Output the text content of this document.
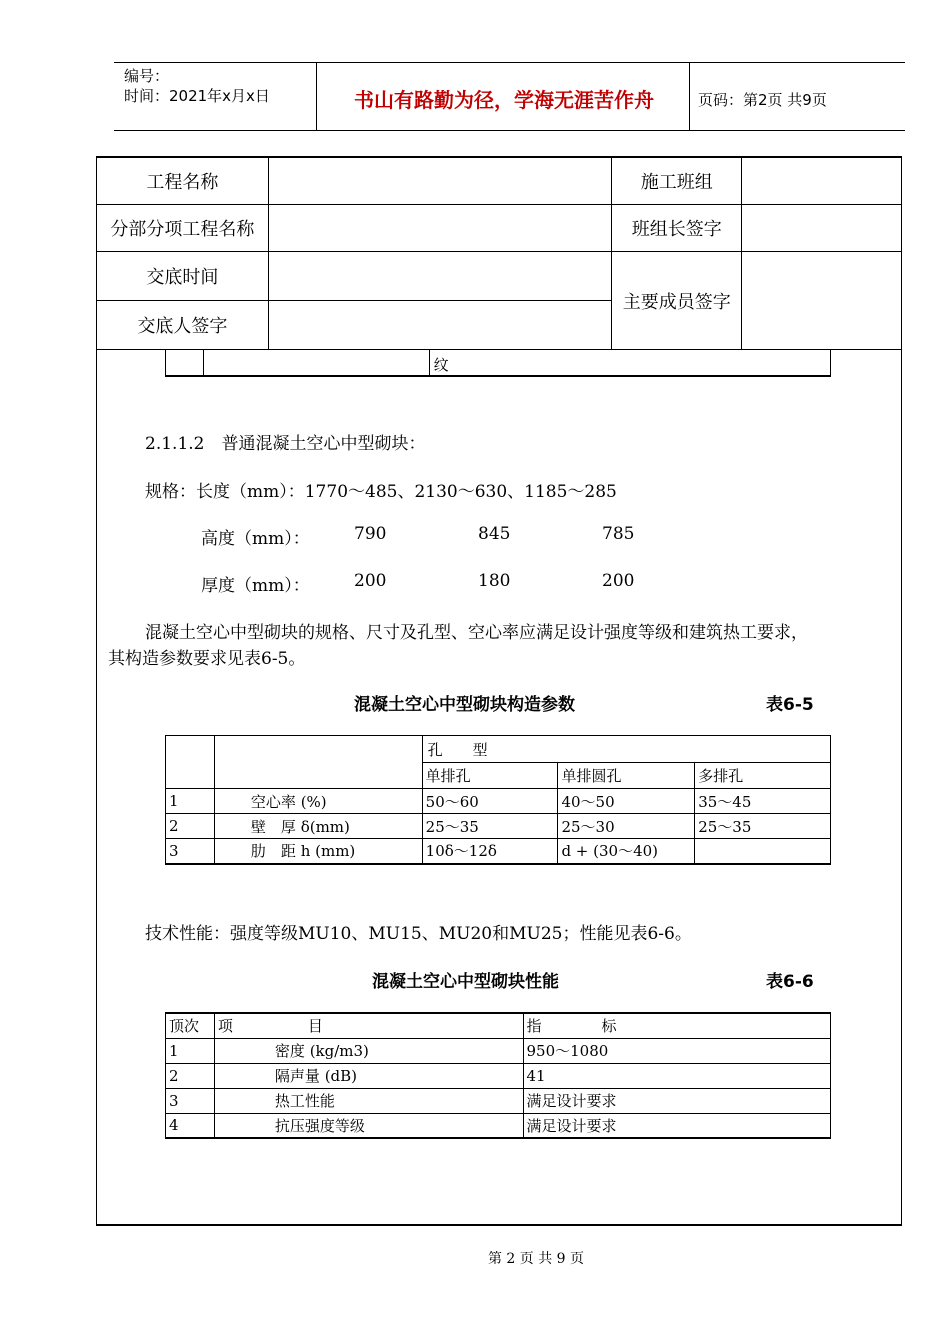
编号：
时间：2021年x月x日	书山有路勤为径，学海无涯苦作舟	页码：第2页 共9页
工程名称		施工班组	
分部分项工程名称		班组长签字	
交底时间		主要成员签字	
交底人签字			
		纹
2.1.1.2　普通混凝土空心中型砌块：
规格：长度（mm）：1770～485、2130～630、1185～285
高度（mm）：	790	845	785
厚度（mm）：	200	180	200
混凝土空心中型砌块的规格、尺寸及孔型、空心率应满足设计强度等级和建筑热工要求，
其构造参数要求见表6-5。
混凝土空心中型砌块构造参数	表6-5
		孔　　型		
		单排孔	单排圆孔	多排孔
1	空心率 (%)	50～60	40～50	35～45
2	壁　厚 δ(mm)	25～35	25～30	25～35
3	肋　距 h (mm)	10δ～12δ	d + (30～40)	
技术性能：强度等级MU10、MU15、MU20和MU25；性能见表6-6。
混凝土空心中型砌块性能	表6-6
顶次	项　　　　　目	指　　　　标
1	密度 (kg/m3)	950～1080
2	隔声量 (dB)	41
3	热工性能	满足设计要求
4	抗压强度等级	满足设计要求
第 2 页 共 9 页
